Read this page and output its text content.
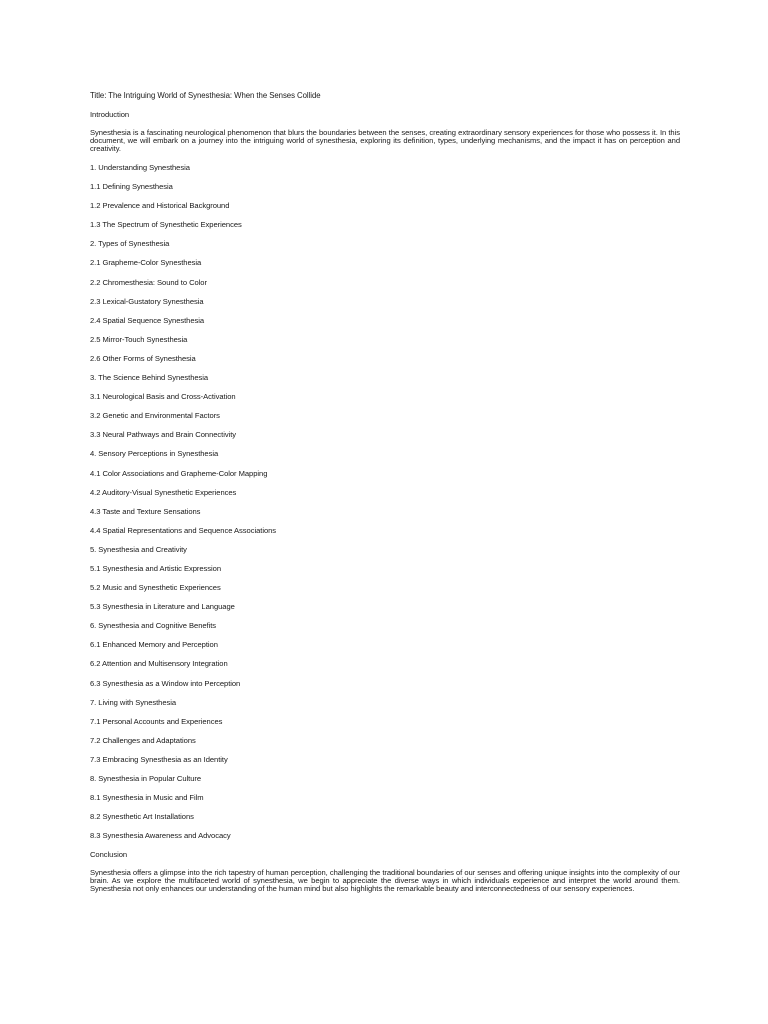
Title: The Intriguing World of Synesthesia: When the Senses Collide

Introduction

Synesthesia is a fascinating neurological phenomenon that blurs the boundaries between the senses, creating extraordinary sensory experiences for those who possess it. In this document, we will embark on a journey into the intriguing world of synesthesia, exploring its definition, types, underlying mechanisms, and the impact it has on perception and creativity.

1. Understanding Synesthesia
1.1 Defining Synesthesia
1.2 Prevalence and Historical Background
1.3 The Spectrum of Synesthetic Experiences
2. Types of Synesthesia
2.1 Grapheme-Color Synesthesia
2.2 Chromesthesia: Sound to Color
2.3 Lexical-Gustatory Synesthesia
2.4 Spatial Sequence Synesthesia
2.5 Mirror-Touch Synesthesia
2.6 Other Forms of Synesthesia
3. The Science Behind Synesthesia
3.1 Neurological Basis and Cross-Activation
3.2 Genetic and Environmental Factors
3.3 Neural Pathways and Brain Connectivity
4. Sensory Perceptions in Synesthesia
4.1 Color Associations and Grapheme-Color Mapping
4.2 Auditory-Visual Synesthetic Experiences
4.3 Taste and Texture Sensations
4.4 Spatial Representations and Sequence Associations
5. Synesthesia and Creativity
5.1 Synesthesia and Artistic Expression
5.2 Music and Synesthetic Experiences
5.3 Synesthesia in Literature and Language
6. Synesthesia and Cognitive Benefits
6.1 Enhanced Memory and Perception
6.2 Attention and Multisensory Integration
6.3 Synesthesia as a Window into Perception
7. Living with Synesthesia
7.1 Personal Accounts and Experiences
7.2 Challenges and Adaptations
7.3 Embracing Synesthesia as an Identity
8. Synesthesia in Popular Culture
8.1 Synesthesia in Music and Film
8.2 Synesthetic Art Installations
8.3 Synesthesia Awareness and Advocacy

Conclusion

Synesthesia offers a glimpse into the rich tapestry of human perception, challenging the traditional boundaries of our senses and offering unique insights into the complexity of our brain. As we explore the multifaceted world of synesthesia, we begin to appreciate the diverse ways in which individuals experience and interpret the world around them. Synesthesia not only enhances our understanding of the human mind but also highlights the remarkable beauty and interconnectedness of our sensory experiences.
